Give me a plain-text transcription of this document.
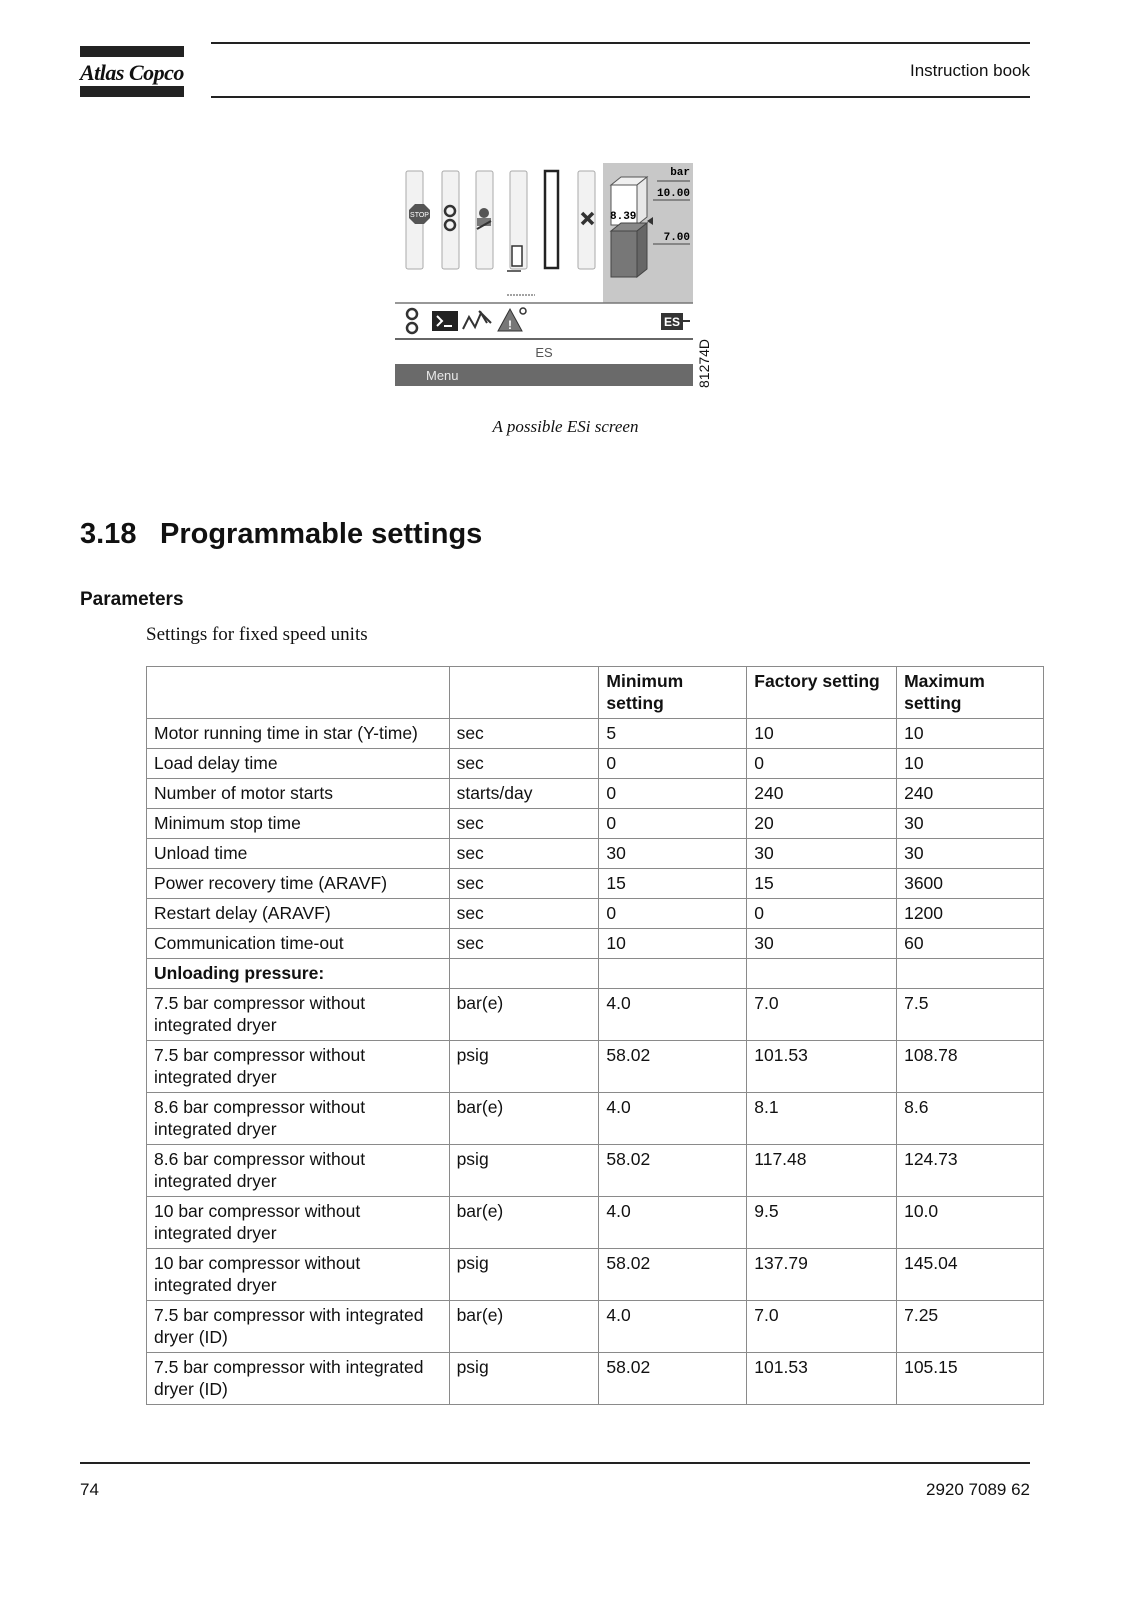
Atlas Copco	Instruction book
STOP
bar
10.00
8.39
7.00
!	ES
ES
Menu	81274D
A possible ESi screen
3.18 Programmable settings
Parameters
Settings for fixed speed units
		Minimum setting	Factory setting	Maximum setting
Motor running time in star (Y-time)	sec	5	10	10
Load delay time	sec	0	0	10
Number of motor starts	starts/day	0	240	240
Minimum stop time	sec	0	20	30
Unload time	sec	30	30	30
Power recovery time (ARAVF)	sec	15	15	3600
Restart delay (ARAVF)	sec	0	0	1200
Communication time-out	sec	10	30	60
Unloading pressure:				
7.5 bar compressor without integrated dryer	bar(e)	4.0	7.0	7.5
7.5 bar compressor without integrated dryer	psig	58.02	101.53	108.78
8.6 bar compressor without integrated dryer	bar(e)	4.0	8.1	8.6
8.6 bar compressor without integrated dryer	psig	58.02	117.48	124.73
10 bar compressor without integrated dryer	bar(e)	4.0	9.5	10.0
10 bar compressor without integrated dryer	psig	58.02	137.79	145.04
7.5 bar compressor with integrated dryer (ID)	bar(e)	4.0	7.0	7.25
7.5 bar compressor with integrated dryer (ID)	psig	58.02	101.53	105.15
74	2920 7089 62
